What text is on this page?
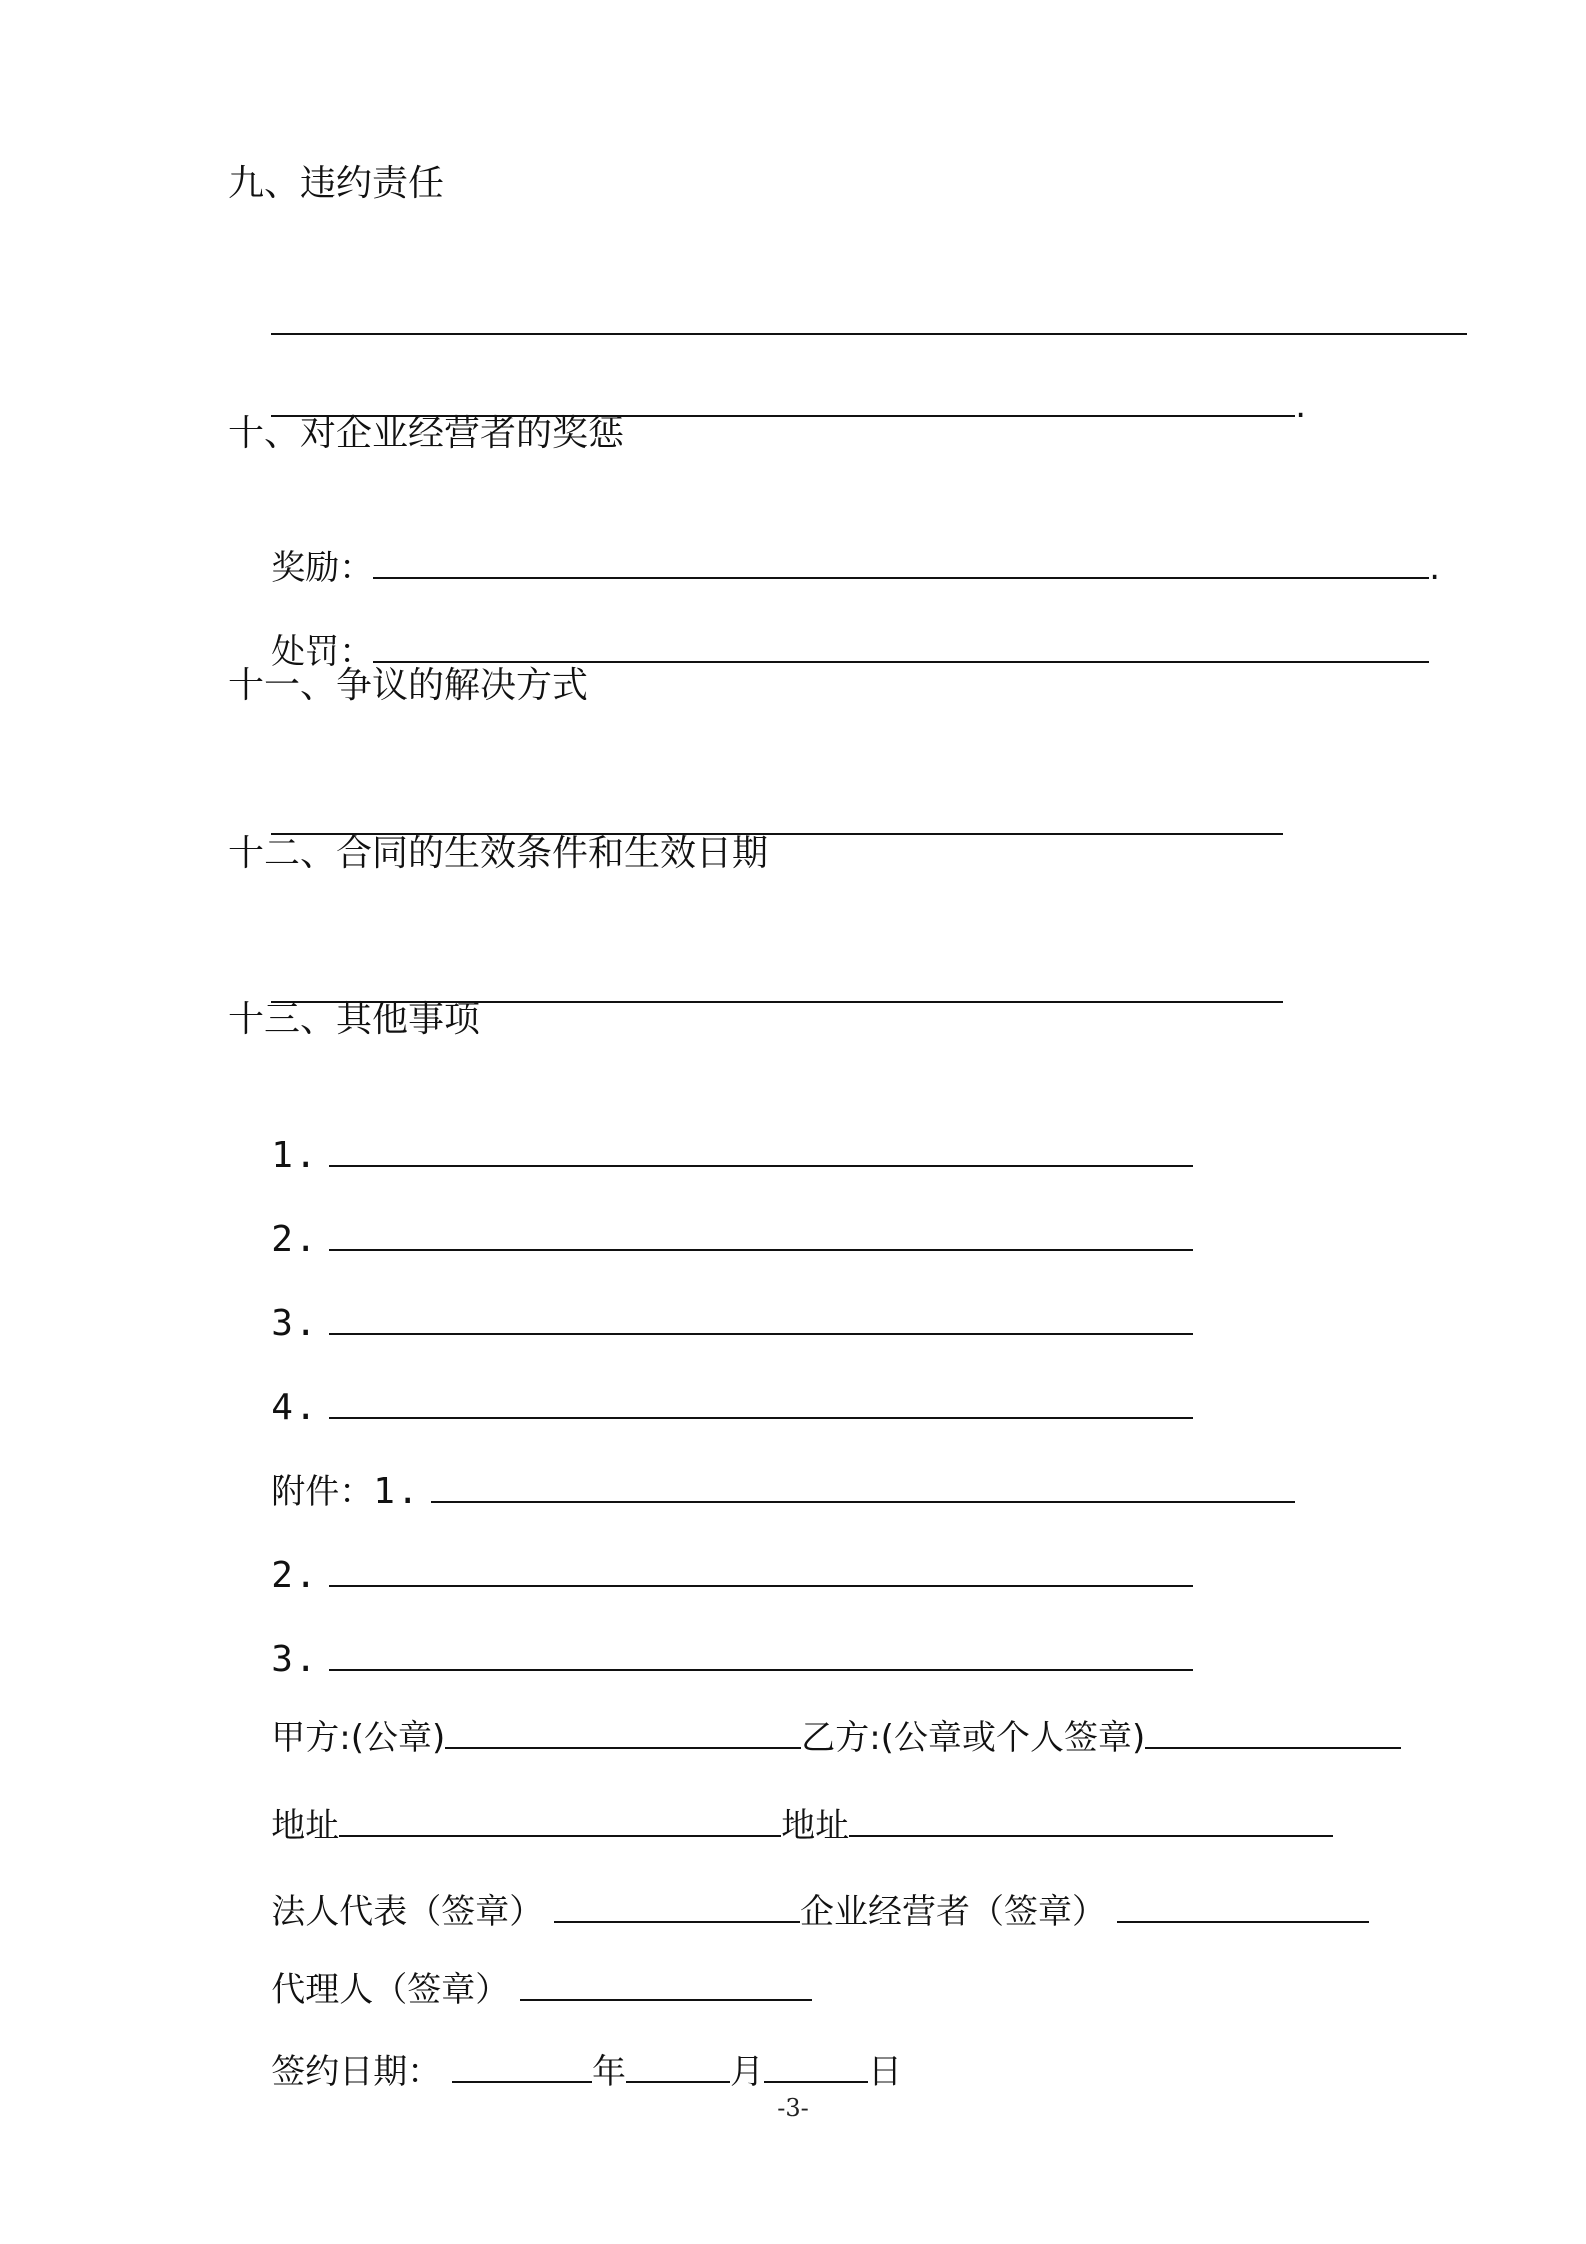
九、违约责任

.

十、对企业经营者的奖惩

奖励：	.

处罚：

十一、争议的解决方式

十二、合同的生效条件和生效日期

十三、其他事项

1.

2.

3.

4.

附件：1.

2.

3.

甲方:(公章)	乙方:(公章或个人签章)

地址	地址

法人代表（签章）	企业经营者（签章）

代理人（签章）

签约日期：	年	月	日

-3-
